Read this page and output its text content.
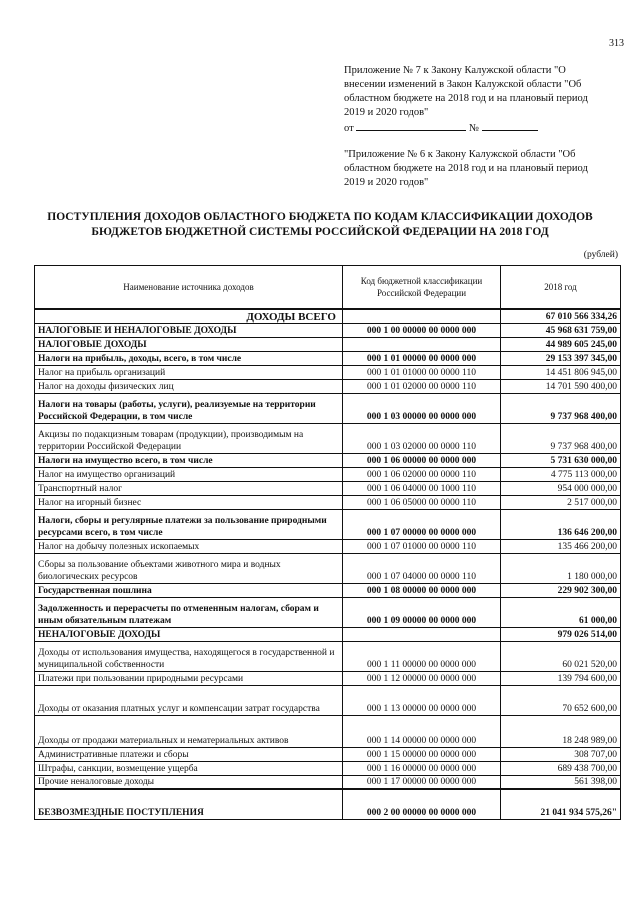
313
Приложение № 7 к Закону Калужской области "О
внесении изменений в Закон Калужской области "Об
областном бюджете на 2018 год и на плановый период
2019 и 2020 годов"
от	№
"Приложение № 6 к Закону Калужской области "Об
областном бюджете на 2018 год и на плановый период
2019 и 2020 годов"
ПОСТУПЛЕНИЯ ДОХОДОВ ОБЛАСТНОГО БЮДЖЕТА ПО КОДАМ КЛАССИФИКАЦИИ ДОХОДОВ
БЮДЖЕТОВ БЮДЖЕТНОЙ СИСТЕМЫ РОССИЙСКОЙ ФЕДЕРАЦИИ НА 2018 ГОД
(рублей)
Наименование источника доходов	Код бюджетной классификации Российской Федерации	2018 год
ДОХОДЫ ВСЕГО		67 010 566 334,26
НАЛОГОВЫЕ И НЕНАЛОГОВЫЕ ДОХОДЫ	000 1 00 00000 00 0000 000	45 968 631 759,00
НАЛОГОВЫЕ ДОХОДЫ		44 989 605 245,00
Налоги на прибыль, доходы, всего, в том числе	000 1 01 00000 00 0000 000	29 153 397 345,00
Налог на прибыль организаций	000 1 01 01000 00 0000 110	14 451 806 945,00
Налог на доходы физических лиц	000 1 01 02000 00 0000 110	14 701 590 400,00
Налоги на товары (работы, услуги), реализуемые на территории Российской Федерации, в том числе	000 1 03 00000 00 0000 000	9 737 968 400,00
Акцизы по подакцизным товарам (продукции), производимым на территории Российской Федерации	000 1 03 02000 00 0000 110	9 737 968 400,00
Налоги на имущество всего, в том числе	000 1 06 00000 00 0000 000	5 731 630 000,00
Налог на имущество организаций	000 1 06 02000 00 0000 110	4 775 113 000,00
Транспортный налог	000 1 06 04000 00 1000 110	954 000 000,00
Налог на игорный бизнес	000 1 06 05000 00 0000 110	2 517 000,00
Налоги, сборы и регулярные платежи за пользование природными ресурсами всего, в том числе	000 1 07 00000 00 0000 000	136 646 200,00
Налог на добычу полезных ископаемых	000 1 07 01000 00 0000 110	135 466 200,00
Сборы за пользование объектами животного мира и водных биологических ресурсов	000 1 07 04000 00 0000 110	1 180 000,00
Государственная пошлина	000 1 08 00000 00 0000 000	229 902 300,00
Задолженность и перерасчеты по отмененным налогам, сборам и иным обязательным платежам	000 1 09 00000 00 0000 000	61 000,00
НЕНАЛОГОВЫЕ ДОХОДЫ		979 026 514,00
Доходы от использования имущества, находящегося в государственной и муниципальной собственности	000 1 11 00000 00 0000 000	60 021 520,00
Платежи при пользовании природными ресурсами	000 1 12 00000 00 0000 000	139 794 600,00
Доходы от оказания платных услуг и компенсации затрат государства	000 1 13 00000 00 0000 000	70 652 600,00
Доходы от продажи материальных и нематериальных активов	000 1 14 00000 00 0000 000	18 248 989,00
Административные платежи и сборы	000 1 15 00000 00 0000 000	308 707,00
Штрафы, санкции, возмещение ущерба	000 1 16 00000 00 0000 000	689 438 700,00
Прочие неналоговые доходы	000 1 17 00000 00 0000 000	561 398,00
БЕЗВОЗМЕЗДНЫЕ ПОСТУПЛЕНИЯ	000 2 00 00000 00 0000 000	21 041 934 575,26"
